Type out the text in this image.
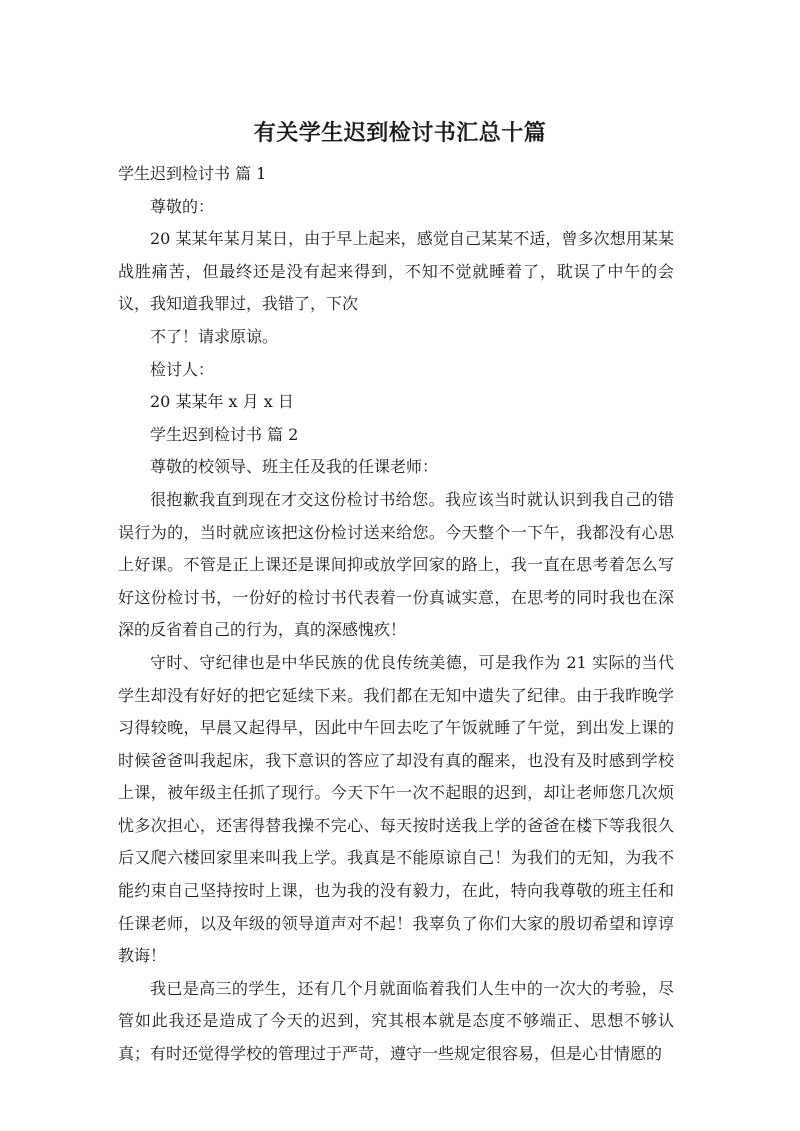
有关学生迟到检讨书汇总十篇

学生迟到检讨书 篇 1

尊敬的：

20 某某年某月某日，由于早上起来，感觉自己某某不适，曾多次想用某某战胜痛苦，但最终还是没有起来得到，不知不觉就睡着了，耽误了中午的会议，我知道我罪过，我错了，下次

不了！请求原谅。

检讨人：

20 某某年 x 月 x 日

学生迟到检讨书 篇 2

尊敬的校领导、班主任及我的任课老师：

很抱歉我直到现在才交这份检讨书给您。我应该当时就认识到我自己的错误行为的，当时就应该把这份检讨送来给您。今天整个一下午，我都没有心思上好课。不管是正上课还是课间抑或放学回家的路上，我一直在思考着怎么写好这份检讨书，一份好的检讨书代表着一份真诚实意，在思考的同时我也在深深的反省着自己的行为，真的深感愧疚！

守时、守纪律也是中华民族的优良传统美德，可是我作为 21 实际的当代学生却没有好好的把它延续下来。我们都在无知中遗失了纪律。由于我昨晚学习得较晚，早晨又起得早，因此中午回去吃了午饭就睡了午觉，到出发上课的时候爸爸叫我起床，我下意识的答应了却没有真的醒来，也没有及时感到学校上课，被年级主任抓了现行。今天下午一次不起眼的迟到，却让老师您几次烦忧多次担心，还害得替我操不完心、每天按时送我上学的爸爸在楼下等我很久后又爬六楼回家里来叫我上学。我真是不能原谅自己！为我们的无知，为我不能约束自己坚持按时上课，也为我的没有毅力，在此，特向我尊敬的班主任和任课老师，以及年级的领导道声对不起！我辜负了你们大家的殷切希望和谆谆教诲！

我已是高三的学生，还有几个月就面临着我们人生中的一次大的考验，尽管如此我还是造成了今天的迟到，究其根本就是态度不够端正、思想不够认真；有时还觉得学校的管理过于严苛，遵守一些规定很容易，但是心甘情愿的
